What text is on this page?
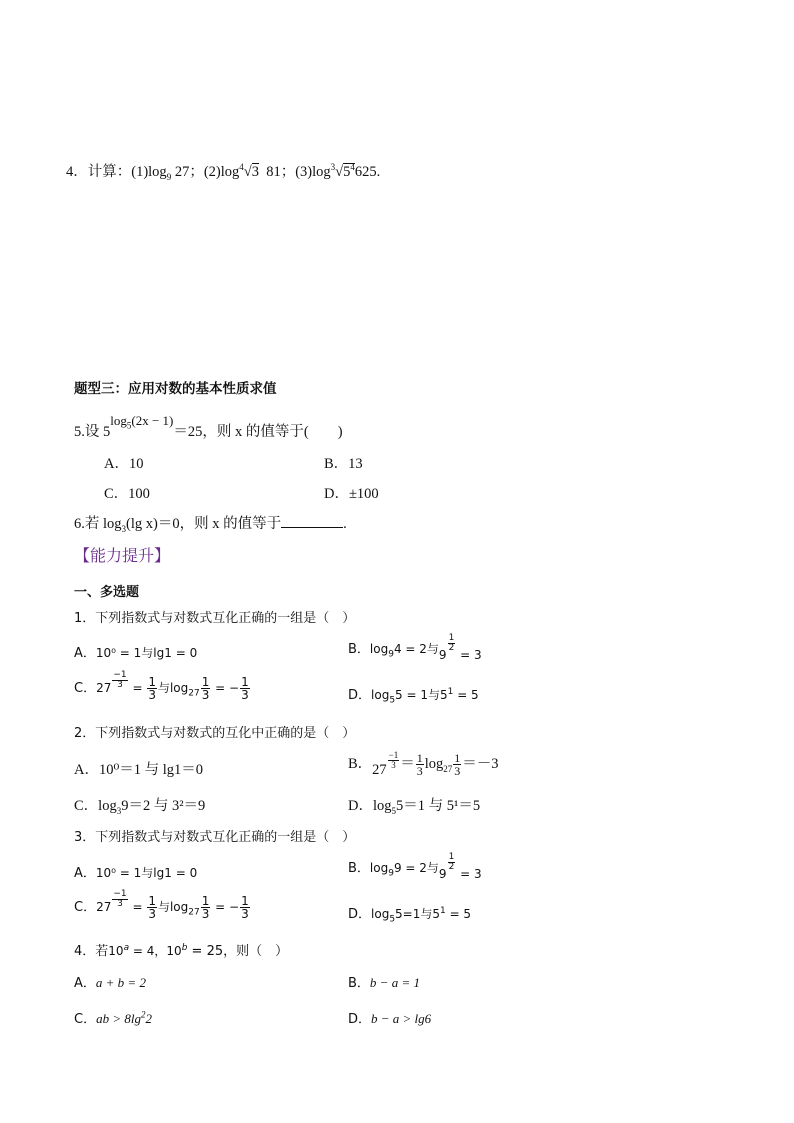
4．计算：$(1)\log_9$ 27；$(2)\log^4√3$ 81；$(3)\log^3√5^4625$.
题型三：应用对数的基本性质求值
5.设 $5\log_5(2x - 1)=25$，则 x 的值等于(　　)
A．10	B．13
C．100	D．±100
6.若 $\log_3(\lg$ x)＝0，则 x 的值等于	.
【能力提升】
一、多选题
1．下列指数式与对数式互化正确的一组是（　）
A．10⁰ = 1与lg1 = 0	B．$\log_94 = 2$与9
$\frac{1}{2}$
= 3
C．$27 \frac{-1}{3} = \frac{1}{3}$ 与$\log_{27} \frac{1}{3}$ = − $\frac{1}{3}$	D．$\log_55 = 1$与$5^1 = 5$
2．下列指数式与对数式的互化中正确的是（　）
A．10⁰＝1 与 lg1＝0	B．$27 \frac{-1}{3} = \frac{1}{3} \log_{27} \frac{1}{3} =-3$
C．$\log_39=2$ 与 3²＝9	D．$\log_55=1$ 与 5¹＝5
3．下列指数式与对数式互化正确的一组是（　）
A．10⁰ = 1与lg1 = 0	B．$\log_99 = 2$与9
$\frac{1}{2}$
= 3
C．$27 \frac{-1}{3} = \frac{1}{3}$ 与$\log_{27} \frac{1}{3}$ = − $\frac{1}{3}$	D．$\log_55=1$与$5^1 = 5$
4．若$10^a = 4$，$10^b = 25$，则（　）
A．a + b = 2	B．b − a = 1
C．ab > $8\lg^22$	D．b − a > lg6
